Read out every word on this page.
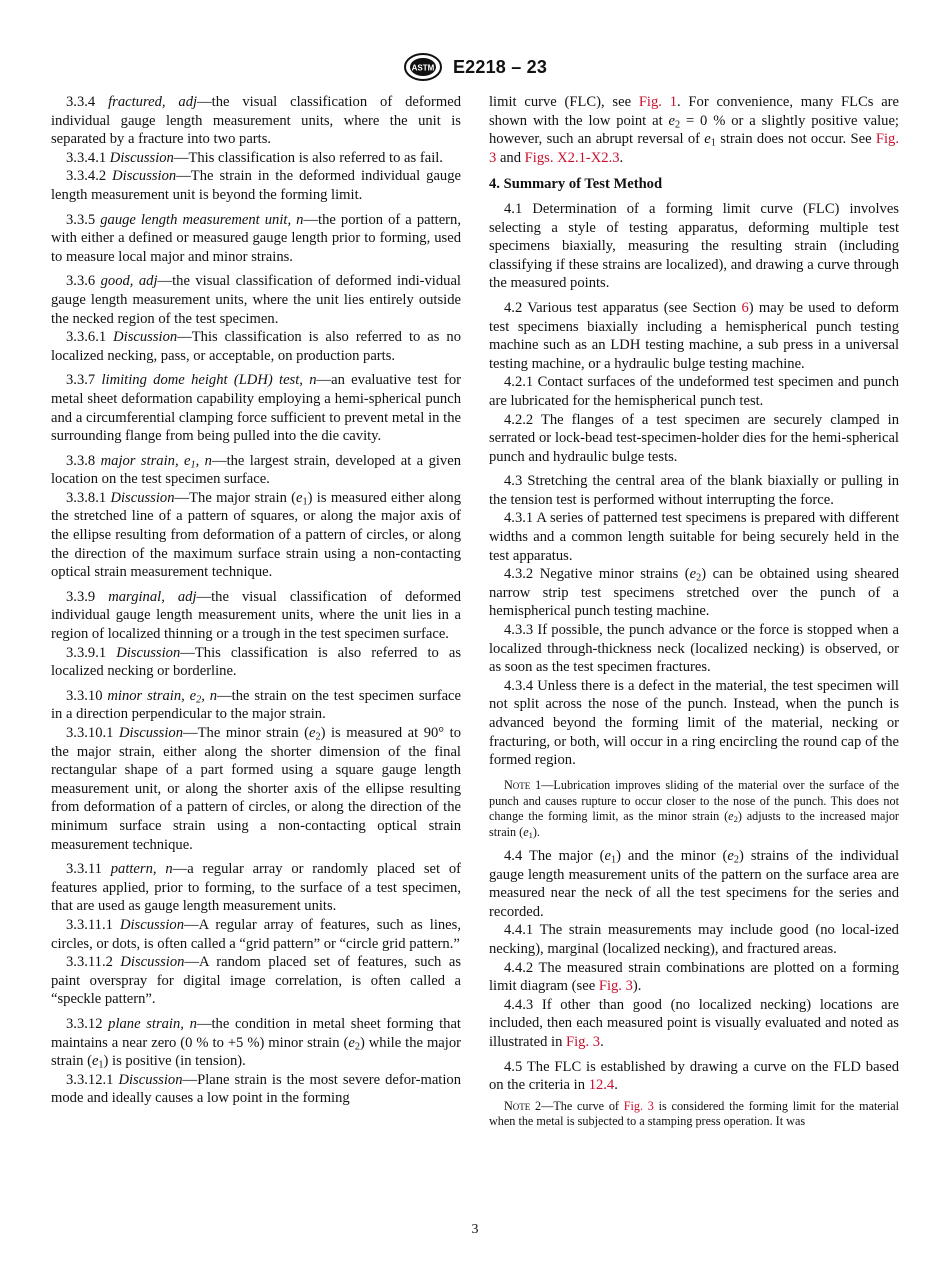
ASTM E2218 – 23

3.3.4 fractured, adj—the visual classification of deformed individual gauge length measurement units, where the unit is separated by a fracture into two parts.

3.3.4.1 Discussion—This classification is also referred to as fail.

3.3.4.2 Discussion—The strain in the deformed individual gauge length measurement unit is beyond the forming limit.

3.3.5 gauge length measurement unit, n—the portion of a pattern, with either a defined or measured gauge length prior to forming, used to measure local major and minor strains.

3.3.6 good, adj—the visual classification of deformed indi-vidual gauge length measurement units, where the unit lies entirely outside the necked region of the test specimen.

3.3.6.1 Discussion—This classification is also referred to as no localized necking, pass, or acceptable, on production parts.

3.3.7 limiting dome height (LDH) test, n—an evaluative test for metal sheet deformation capability employing a hemi-spherical punch and a circumferential clamping force sufficient to prevent metal in the surrounding flange from being pulled into the die cavity.

3.3.8 major strain, $e_1$, n—the largest strain, developed at a given location on the test specimen surface.

3.3.8.1 Discussion—The major strain $(e_1)$ is measured either along the stretched line of a pattern of squares, or along the major axis of the ellipse resulting from deformation of a pattern of circles, or along the direction of the maximum surface strain using a non-contacting optical strain measurement technique.

3.3.9 marginal, adj—the visual classification of deformed individual gauge length measurement units, where the unit lies in a region of localized thinning or a trough in the test specimen surface.

3.3.9.1 Discussion—This classification is also referred to as localized necking or borderline.

3.3.10 minor strain, $e_2$, n—the strain on the test specimen surface in a direction perpendicular to the major strain.

3.3.10.1 Discussion—The minor strain $(e_2)$ is measured at 90° to the major strain, either along the shorter dimension of the final rectangular shape of a part formed using a square gauge length measurement unit, or along the shorter axis of the ellipse resulting from deformation of a pattern of circles, or along the direction of the minimum surface strain using a non-contacting optical strain measurement technique.

3.3.11 pattern, n—a regular array or randomly placed set of features applied, prior to forming, to the surface of a test specimen, that are used as gauge length measurement units.

3.3.11.1 Discussion—A regular array of features, such as lines, circles, or dots, is often called a “grid pattern” or “circle grid pattern.”

3.3.11.2 Discussion—A random placed set of features, such as paint overspray for digital image correlation, is often called a “speckle pattern”.

3.3.12 plane strain, n—the condition in metal sheet forming that maintains a near zero (0 % to +5 %) minor strain $(e_2)$ while the major strain $(e_1)$ is positive (in tension).

3.3.12.1 Discussion—Plane strain is the most severe defor-mation mode and ideally causes a low point in the forming

limit curve (FLC), see Fig. 1. For convenience, many FLCs are shown with the low point at $e_2 = 0$ % or a slightly positive value; however, such an abrupt reversal of $e_1$ strain does not occur. See Fig. 3 and Figs. X2.1-X2.3.

4. Summary of Test Method

4.1 Determination of a forming limit curve (FLC) involves selecting a style of testing apparatus, deforming multiple test specimens biaxially, measuring the resulting strain (including classifying if these strains are localized), and drawing a curve through the measured points.

4.2 Various test apparatus (see Section 6) may be used to deform test specimens biaxially including a hemispherical punch testing machine such as an LDH testing machine, a sub press in a universal testing machine, or a hydraulic bulge testing machine.

4.2.1 Contact surfaces of the undeformed test specimen and punch are lubricated for the hemispherical punch test.

4.2.2 The flanges of a test specimen are securely clamped in serrated or lock-bead test-specimen-holder dies for the hemi-spherical punch and hydraulic bulge tests.

4.3 Stretching the central area of the blank biaxially or pulling in the tension test is performed without interrupting the force.

4.3.1 A series of patterned test specimens is prepared with different widths and a common length suitable for being securely held in the test apparatus.

4.3.2 Negative minor strains $(e_2)$ can be obtained using sheared narrow strip test specimens stretched over the punch of a hemispherical punch testing machine.

4.3.3 If possible, the punch advance or the force is stopped when a localized through-thickness neck (localized necking) is observed, or as soon as the test specimen fractures.

4.3.4 Unless there is a defect in the material, the test specimen will not split across the nose of the punch. Instead, when the punch is advanced beyond the forming limit of the material, necking or fracturing, or both, will occur in a ring encircling the round cap of the formed region.

Note 1—Lubrication improves sliding of the material over the surface of the punch and causes rupture to occur closer to the nose of the punch. This does not change the forming limit, as the minor strain $(e_2)$ adjusts to the increased major strain $(e_1)$.

4.4 The major $(e_1)$ and the minor $(e_2)$ strains of the individual gauge length measurement units of the pattern on the surface area are measured near the neck of all the test specimens for the series and recorded.

4.4.1 The strain measurements may include good (no local-ized necking), marginal (localized necking), and fractured areas.

4.4.2 The measured strain combinations are plotted on a forming limit diagram (see Fig. 3).

4.4.3 If other than good (no localized necking) locations are included, then each measured point is visually evaluated and noted as illustrated in Fig. 3.

4.5 The FLC is established by drawing a curve on the FLD based on the criteria in 12.4.

Note 2—The curve of Fig. 3 is considered the forming limit for the material when the metal is subjected to a stamping press operation. It was

3
